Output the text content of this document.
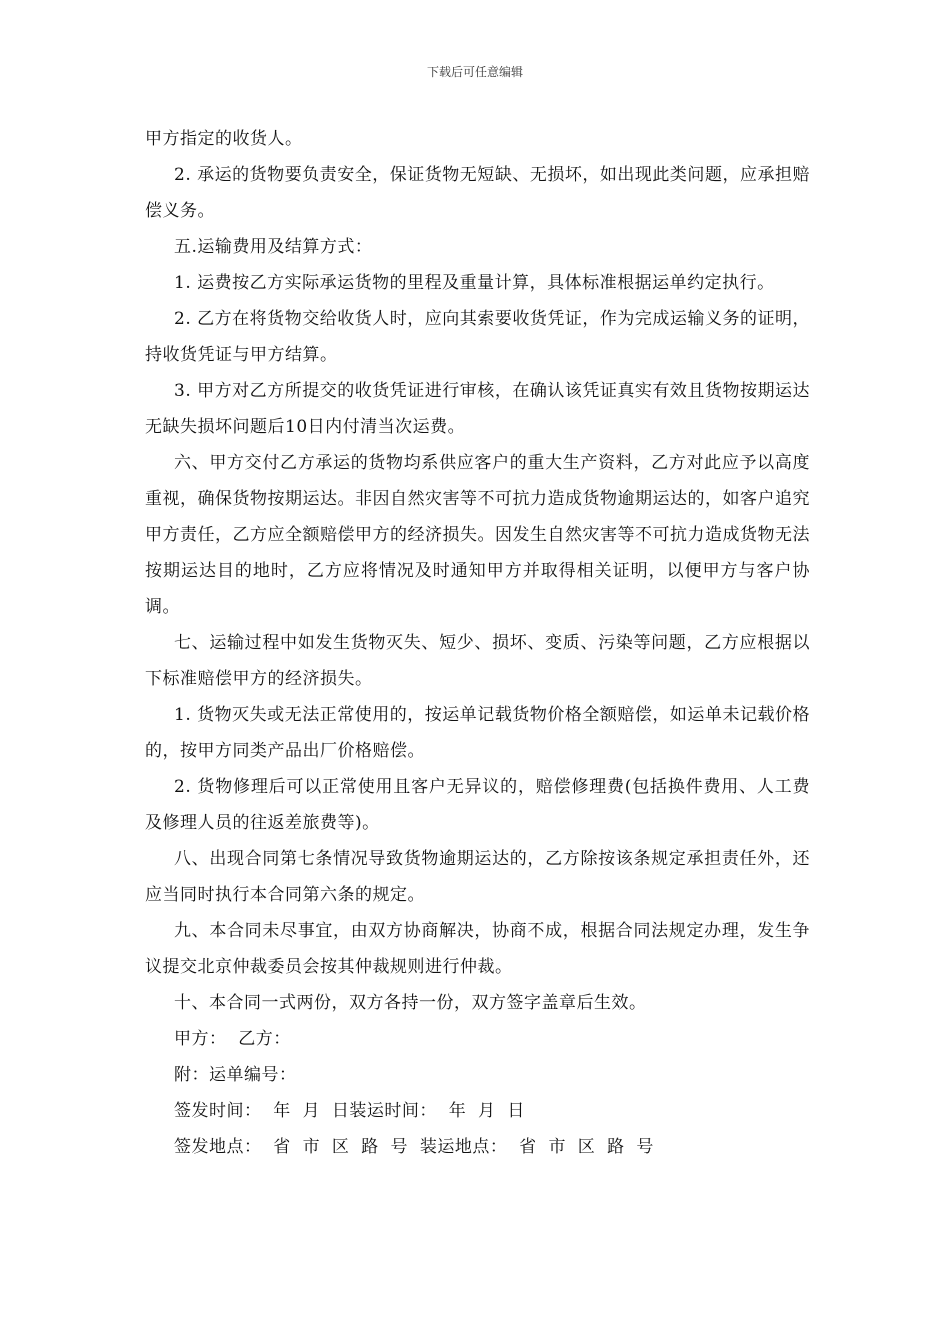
下载后可任意编辑

甲方指定的收货人。

2. 承运的货物要负责安全，保证货物无短缺、无损坏，如出现此类问题，应承担赔偿义务。

五.运输费用及结算方式：

1. 运费按乙方实际承运货物的里程及重量计算，具体标准根据运单约定执行。

2. 乙方在将货物交给收货人时，应向其索要收货凭证，作为完成运输义务的证明，持收货凭证与甲方结算。

3. 甲方对乙方所提交的收货凭证进行审核，在确认该凭证真实有效且货物按期运达无缺失损坏问题后10日内付清当次运费。

六、甲方交付乙方承运的货物均系供应客户的重大生产资料，乙方对此应予以高度重视，确保货物按期运达。非因自然灾害等不可抗力造成货物逾期运达的，如客户追究甲方责任，乙方应全额赔偿甲方的经济损失。因发生自然灾害等不可抗力造成货物无法按期运达目的地时，乙方应将情况及时通知甲方并取得相关证明，以便甲方与客户协调。

七、运输过程中如发生货物灭失、短少、损坏、变质、污染等问题，乙方应根据以下标准赔偿甲方的经济损失。

1. 货物灭失或无法正常使用的，按运单记载货物价格全额赔偿，如运单未记载价格的，按甲方同类产品出厂价格赔偿。

2. 货物修理后可以正常使用且客户无异议的，赔偿修理费(包括换件费用、人工费及修理人员的往返差旅费等)。

八、出现合同第七条情况导致货物逾期运达的，乙方除按该条规定承担责任外，还应当同时执行本合同第六条的规定。

九、本合同未尽事宜，由双方协商解决，协商不成，根据合同法规定办理，发生争议提交北京仲裁委员会按其仲裁规则进行仲裁。

十、本合同一式两份，双方各持一份，双方签字盖章后生效。

甲方：  乙方：

附：运单编号：

签发时间：  年  月  日装运时间：  年  月  日

签发地点：  省  市  区  路  号  装运地点：  省  市  区  路  号
